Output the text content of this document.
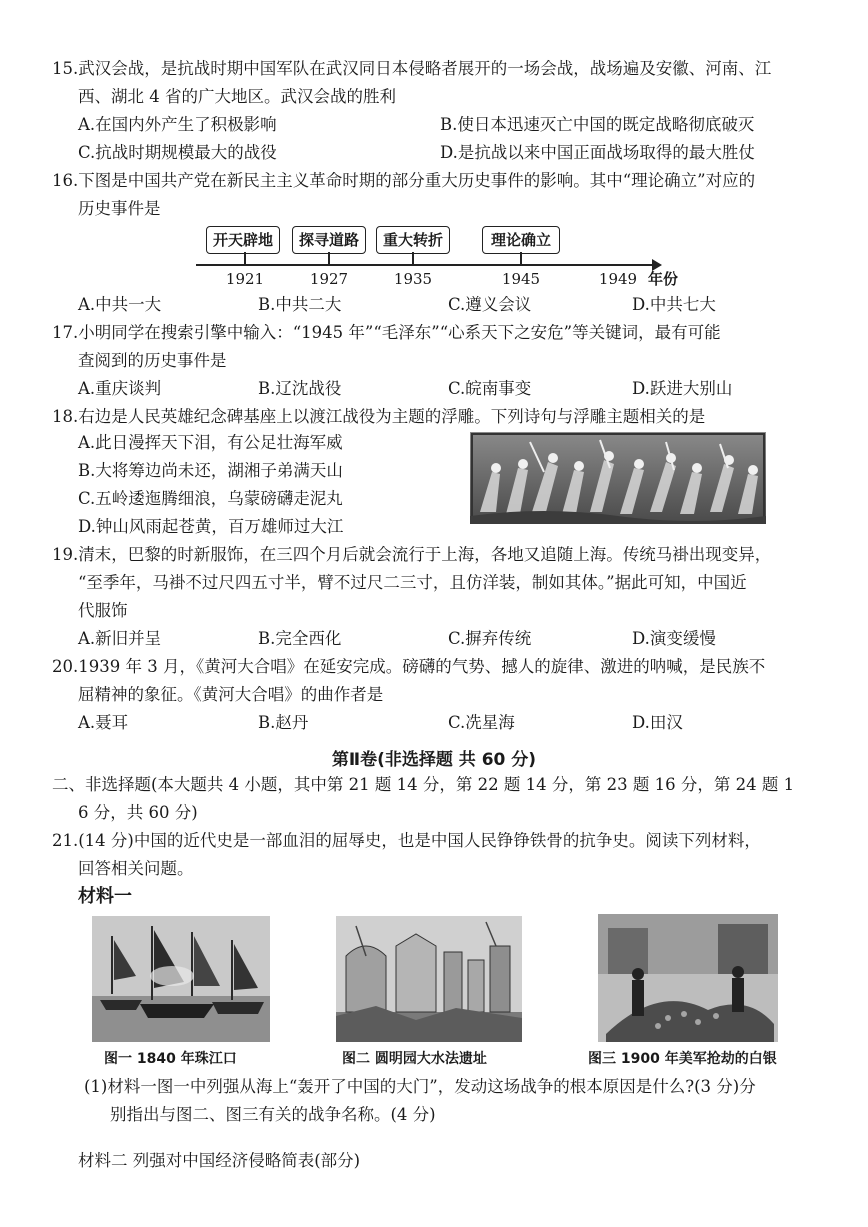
15.武汉会战，是抗战时期中国军队在武汉同日本侵略者展开的一场会战，战场遍及安徽、河南、江
西、湖北 4 省的广大地区。武汉会战的胜利
A.在国内外产生了积极影响	B.使日本迅速灭亡中国的既定战略彻底破灭
C.抗战时期规模最大的战役	D.是抗战以来中国正面战场取得的最大胜仗
16.下图是中国共产党在新民主主义革命时期的部分重大历史事件的影响。其中“理论确立”对应的
历史事件是
开天辟地	探寻道路	重大转折	理论确立
1921	1927	1935	1945	1949 年份
A.中共一大	B.中共二大	C.遵义会议	D.中共七大
17.小明同学在搜索引擎中输入：“1945 年”“毛泽东”“心系天下之安危”等关键词，最有可能
查阅到的历史事件是
A.重庆谈判	B.辽沈战役	C.皖南事变	D.跃进大别山
18.右边是人民英雄纪念碑基座上以渡江战役为主题的浮雕。下列诗句与浮雕主题相关的是
A.此日漫挥天下泪，有公足壮海军威
B.大将筹边尚未还，湖湘子弟满天山
C.五岭逶迤腾细浪，乌蒙磅礴走泥丸
D.钟山风雨起苍黄，百万雄师过大江
19.清末，巴黎的时新服饰，在三四个月后就会流行于上海，各地又追随上海。传统马褂出现变异，
“至季年，马褂不过尺四五寸半，臂不过尺二三寸，且仿洋装，制如其体。”据此可知，中国近
代服饰
A.新旧并呈	B.完全西化	C.摒弃传统	D.演变缓慢
20.1939 年 3 月，《黄河大合唱》在延安完成。磅礴的气势、撼人的旋律、激进的呐喊，是民族不
屈精神的象征。《黄河大合唱》的曲作者是
A.聂耳	B.赵丹	C.冼星海	D.田汉
第Ⅱ卷(非选择题 共 60 分)
二、非选择题(本大题共 4 小题，其中第 21 题 14 分，第 22 题 14 分，第 23 题 16 分，第 24 题 1
6 分，共 60 分)
21.(14 分)中国的近代史是一部血泪的屈辱史，也是中国人民铮铮铁骨的抗争史。阅读下列材料，
回答相关问题。
材料一
图一 1840 年珠江口	图二 圆明园大水法遗址	图三 1900 年美军抢劫的白银
(1)材料一图一中列强从海上“轰开了中国的大门”，发动这场战争的根本原因是什么?(3 分)分
别指出与图二、图三有关的战争名称。(4 分)
材料二 列强对中国经济侵略简表(部分)
